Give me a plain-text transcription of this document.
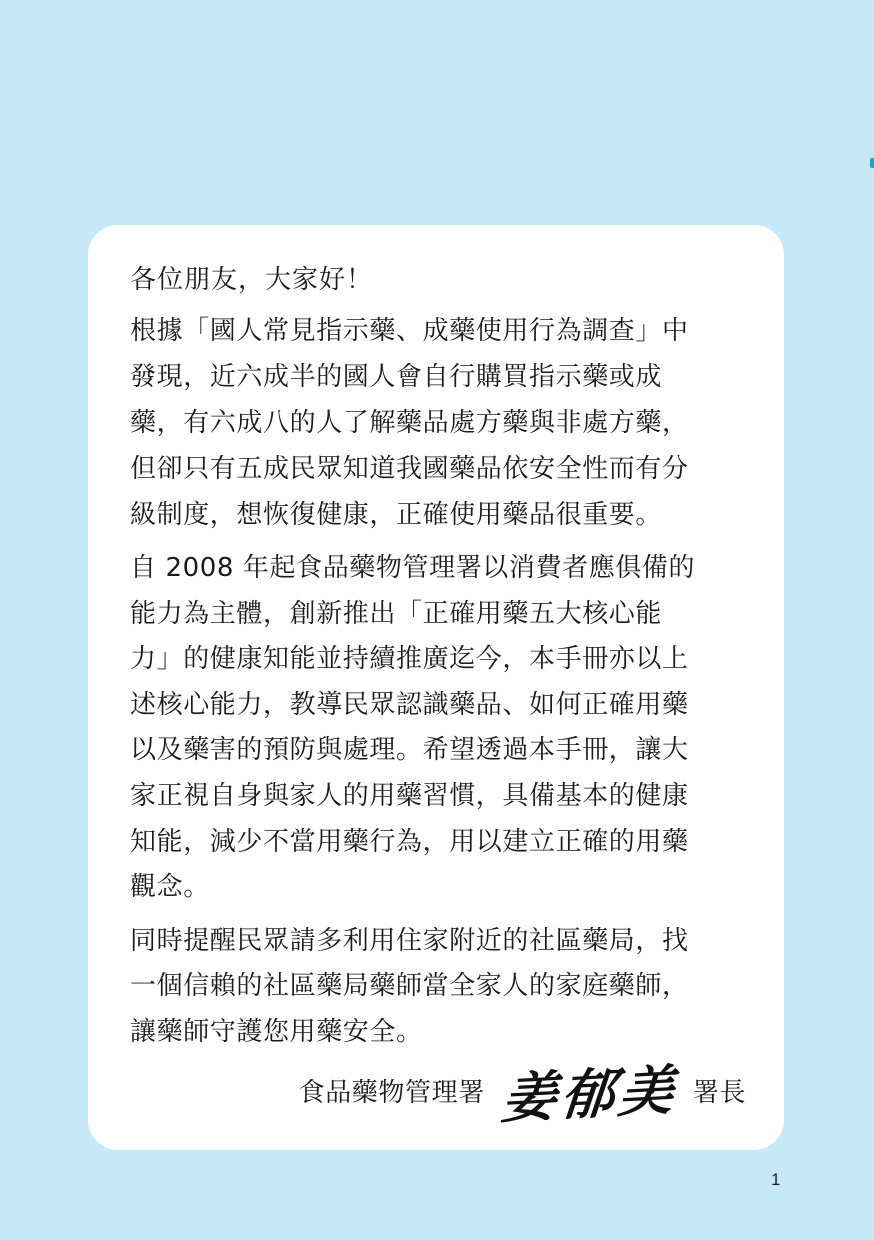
各位朋友，大家好！
根據「國人常見指示藥、成藥使用行為調查」中
發現，近六成半的國人會自行購買指示藥或成
藥，有六成八的人了解藥品處方藥與非處方藥，
但卻只有五成民眾知道我國藥品依安全性而有分
級制度，想恢復健康，正確使用藥品很重要。
自 2008 年起食品藥物管理署以消費者應俱備的
能力為主體，創新推出「正確用藥五大核心能
力」的健康知能並持續推廣迄今，本手冊亦以上
述核心能力，教導民眾認識藥品、如何正確用藥
以及藥害的預防與處理。希望透過本手冊，讓大
家正視自身與家人的用藥習慣，具備基本的健康
知能，減少不當用藥行為，用以建立正確的用藥
觀念。
同時提醒民眾請多利用住家附近的社區藥局，找
一個信賴的社區藥局藥師當全家人的家庭藥師，
讓藥師守護您用藥安全。
食品藥物管理署 姜郁美 署長
1
